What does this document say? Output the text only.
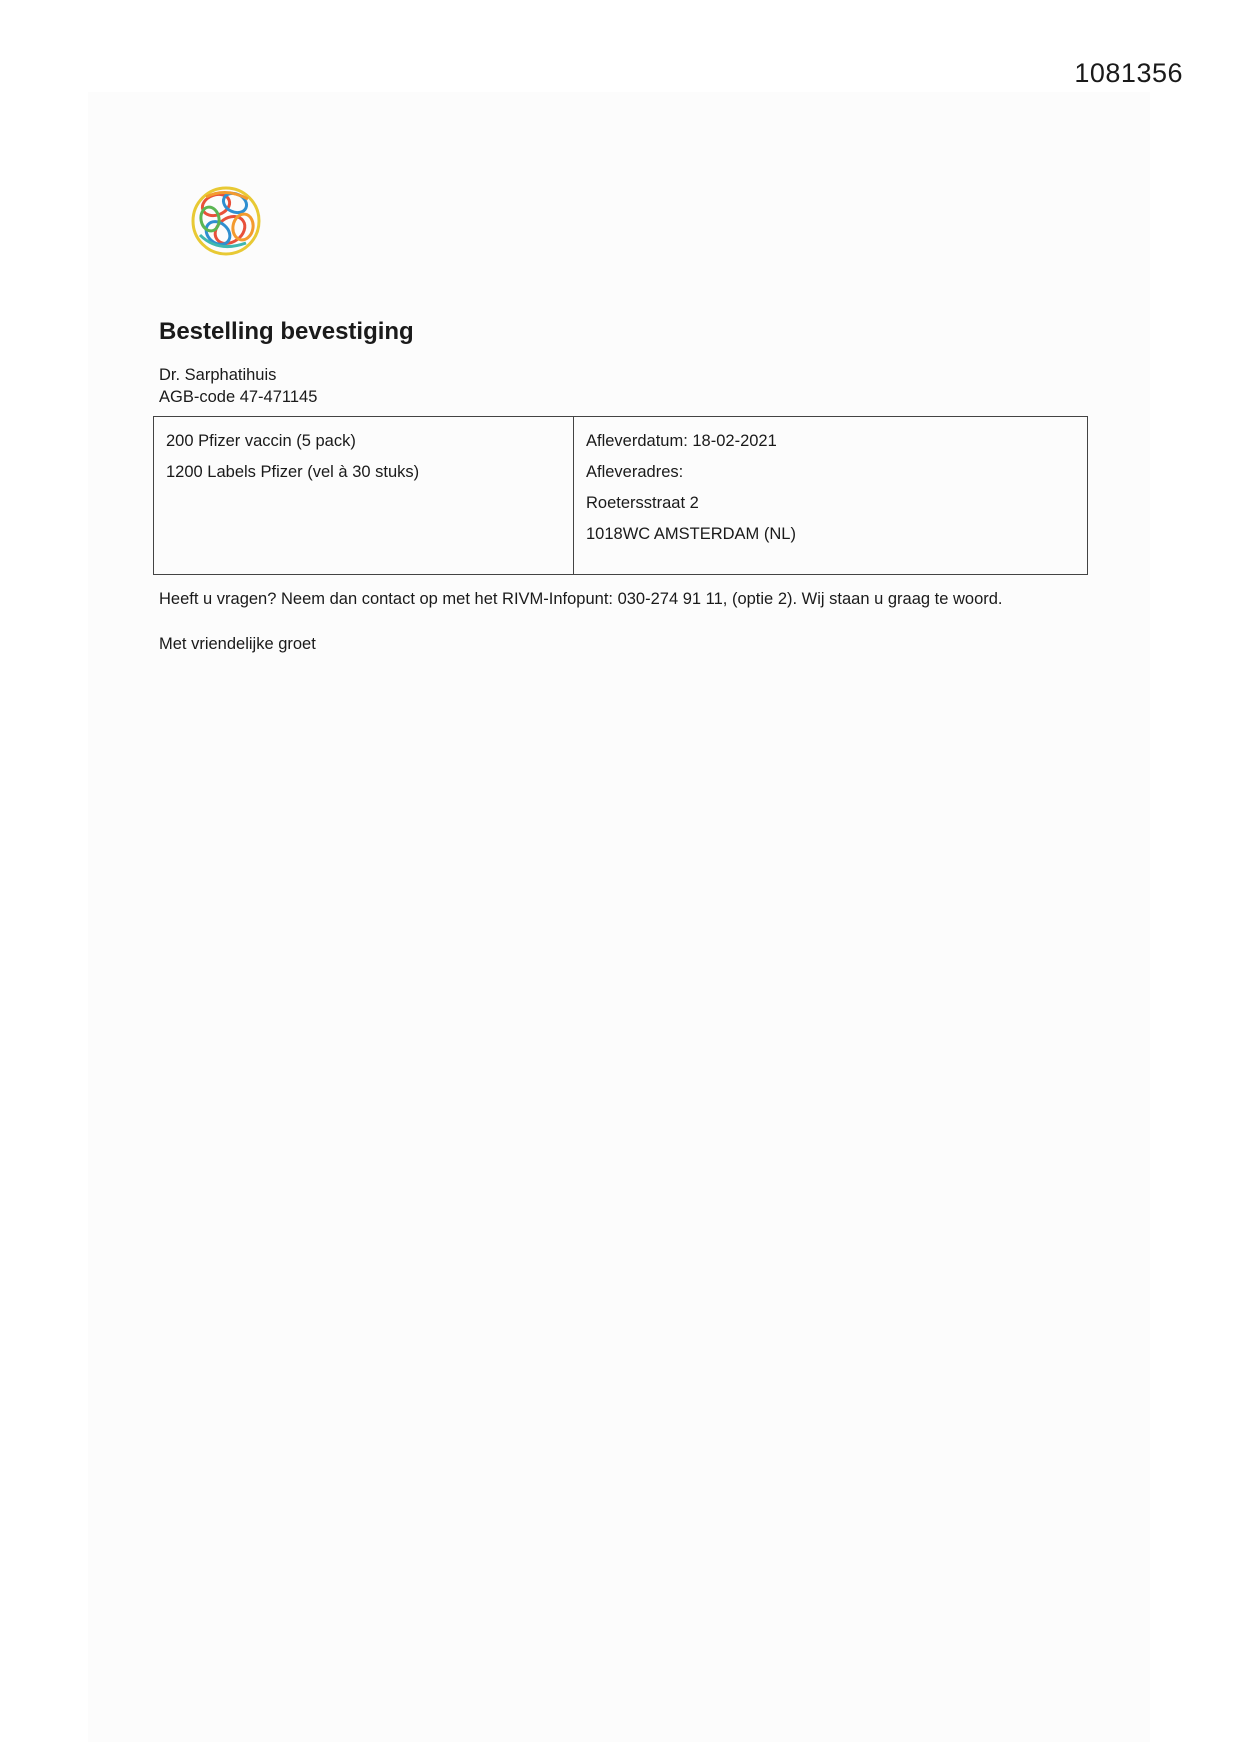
1081356
Bestelling bevestiging
Dr. Sarphatihuis
AGB-code 47-471145
200 Pfizer vaccin (5 pack)
1200 Labels Pfizer (vel à 30 stuks)
Afleverdatum: 18-02-2021
Afleveradres:
Roetersstraat 2
1018WC AMSTERDAM (NL)
Heeft u vragen? Neem dan contact op met het RIVM-Infopunt: 030-274 91 11, (optie 2). Wij staan u graag te woord.
Met vriendelijke groet
